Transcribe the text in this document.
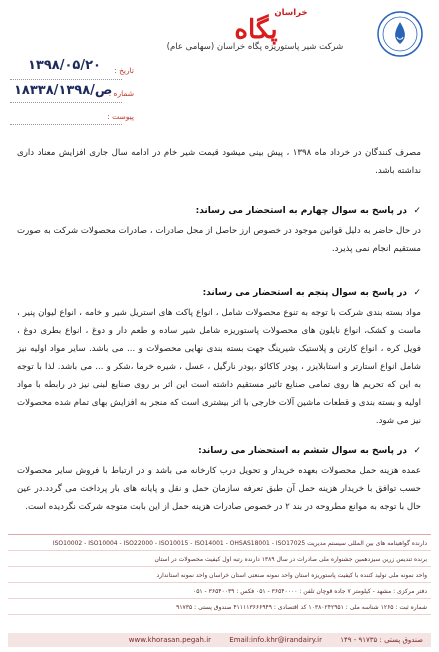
خراسان
پگاه
شرکت شیر پاستوریزه پگاه خراسان (سهامی عام)
تاریخ :
۱۳۹۸/۰۵/۲۰
شماره :
۱۸۳۳۸/ص/۱۳۹۸
پیوست :
مصرف کنندگان در خرداد ماه ۱۳۹۸ ، پیش بینی میشود قیمت شیر خام در ادامه سال جاری افزایش معناد داری نداشته باشد.
✓در پاسخ به سوال چهارم به استحضار می رساند:
در حال حاضر به دلیل قوانین موجود در خصوص ارز حاصل از محل صادرات ، صادرات محصولات شرکت به صورت مستقیم انجام نمی پذیرد.
✓در پاسخ به سوال پنجم به استحضار می رساند:
مواد بسته بندی شرکت با توجه به تنوع محصولات شامل ، انواع پاکت های استریل شیر و خامه ، انواع لیوان پنیر ، ماست و کشک، انواع نایلون های محصولات پاستوریزه شامل شیر ساده و طعم دار و دوغ ، انواع بطری دوغ ، فویل کره ، انواع کارتن و پلاستیک شیرینگ جهت بسته بندی نهایی محصولات و ... می باشد. سایر مواد اولیه نیز شامل انواع استارتر و استابلایزر ، پودر کاکائو ،پودر نارگیل ، عسل ، شیره خرما ،شکر و ... می باشد. لذا با توجه به این که تحریم ها روی تمامی صنایع تاثیر مستقیم داشته است این اثر بر روی صنایع لبنی نیز در رابطه با مواد اولیه و بسته بندی و قطعات ماشین آلات خارجی با اثر بیشتری است که منجر به افزایش بهای تمام شده محصولات نیز می شود.
✓در پاسخ به سوال ششم به استحضار می رساند:
عمده هزینه حمل محصولات بعهده خریدار و تحویل درب کارخانه می باشد و در ارتباط با فروش سایر محصولات حسب توافق با خریدار هزینه حمل آن طبق تعرفه سازمان حمل و نقل و پایانه های بار پرداخت می گردد.در عین حال با توجه به موانع مطروحه در بند ۲ در خصوص صادرات هزینه حمل از این بابت متوجه شرکت نگردیده است.
دارنده گواهینامه های بین المللی سیستم مدیریت ISO10002 - ISO10004 - ISO22000 - ISO10015 - ISO14001 - OHSAS18001 - ISO17025
برنده تندیس زرین سیزدهمین جشنواره ملی صادرات در سال ۱۳۸۹ دارنده رتبه اول کیفیت محصولات در استان
واحد نمونه ملی تولید کننده با کیفیت پاستوریزه استان واحد نمونه صنعتی استان خراسان واحد نمونه استاندارد
دفتر مرکزی : مشهد - کیلومتر ۷ جاده قوچان تلفن : ۳۶۵۴۰۰۰۰ - ۰۵۱ فکس : ۳۶۵۴۰۰۳۹ - ۰۵۱
شماره ثبت : ۱۲۶۵ شناسه ملی : ۱۰۳۸۰۲۴۲۹۵۱ کد اقتصادی : ۴۱۱۱۱۳۶۶۶۹۴۹ صندوق پستی : ۹۱۷۳۵
صندوق پستی : ۹۱۷۳۵ - ۱۴۹ Email:info.khr@irandairy.ir www.khorasan.pegah.ir
